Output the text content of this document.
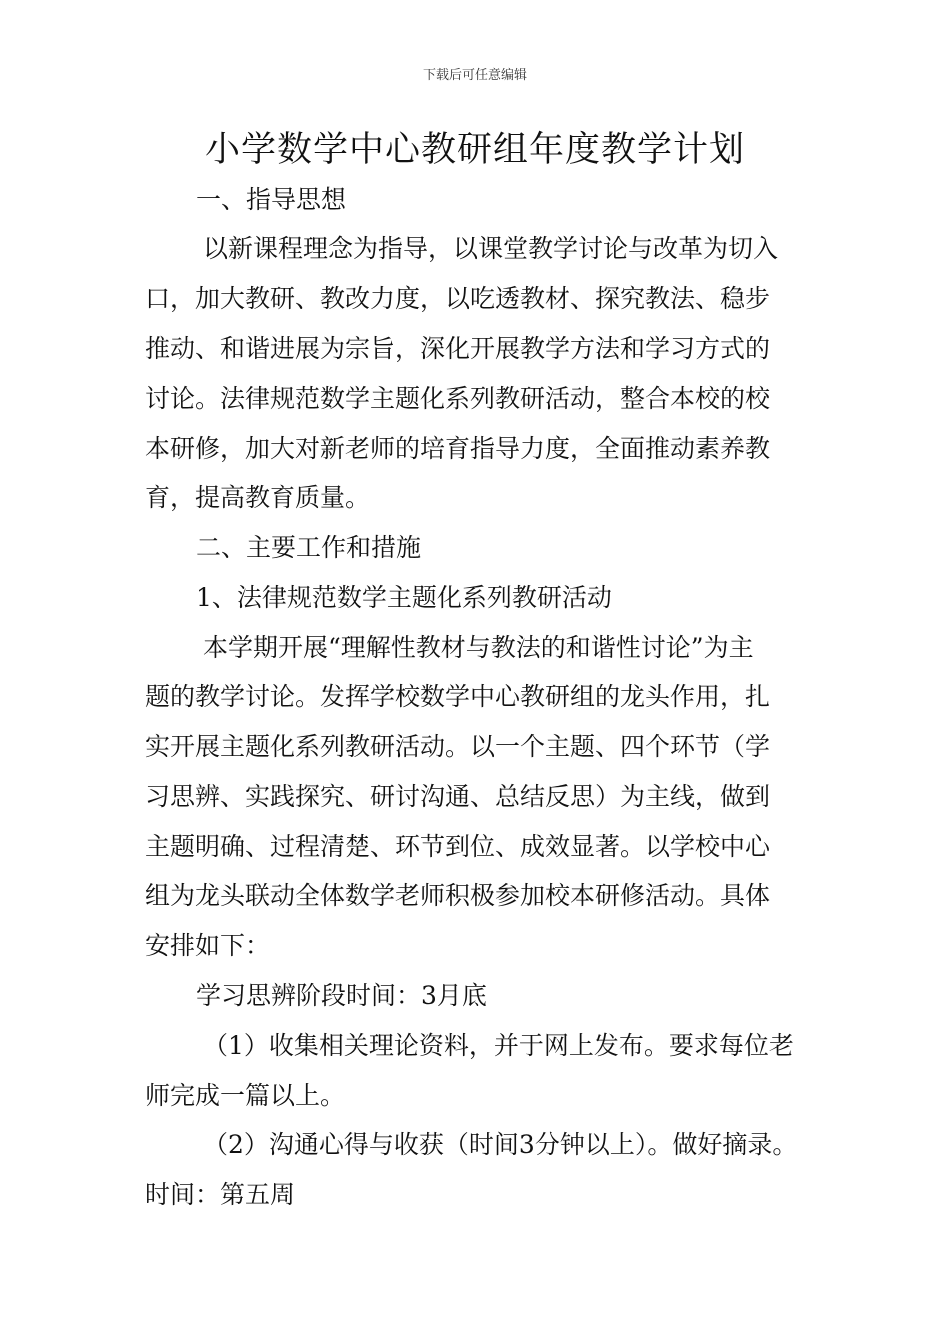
下载后可任意编辑
小学数学中心教研组年度教学计划
一、指导思想
以新课程理念为指导，以课堂教学讨论与改革为切入
口，加大教研、教改力度，以吃透教材、探究教法、稳步
推动、和谐进展为宗旨，深化开展教学方法和学习方式的
讨论。法律规范数学主题化系列教研活动，整合本校的校
本研修，加大对新老师的培育指导力度，全面推动素养教
育，提高教育质量。
二、主要工作和措施
1、法律规范数学主题化系列教研活动
本学期开展“理解性教材与教法的和谐性讨论”为主
题的教学讨论。发挥学校数学中心教研组的龙头作用，扎
实开展主题化系列教研活动。以一个主题、四个环节（学
习思辨、实践探究、研讨沟通、总结反思）为主线，做到
主题明确、过程清楚、环节到位、成效显著。以学校中心
组为龙头联动全体数学老师积极参加校本研修活动。具体
安排如下：
学习思辨阶段时间：3月底
（1）收集相关理论资料，并于网上发布。要求每位老
师完成一篇以上。
（2）沟通心得与收获（时间3分钟以上）。做好摘录。
时间：第五周
